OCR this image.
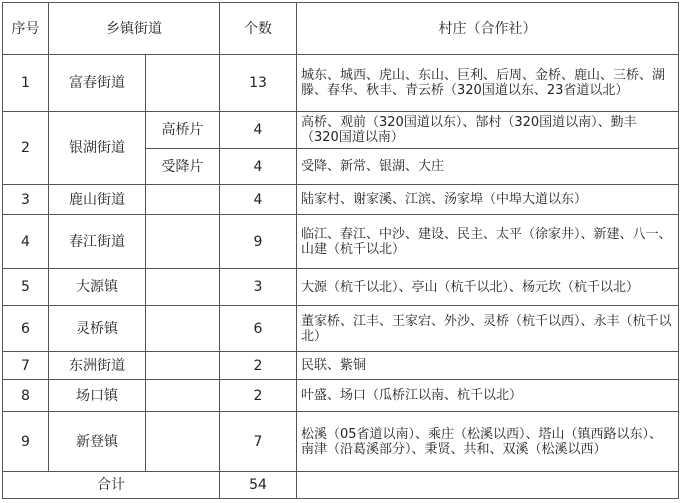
序号	乡镇街道		个数	村庄（合作社）
1	富春街道		13	城东、城西、虎山、东山、巨利、后周、金桥、鹿山、三桥、湖滕、春华、秋丰、青云桥（320国道以东、23省道以北）
2	银湖街道	高桥片	4	高桥、观前（320国道以东）、郜村（320国道以南）、勤丰（320国道以南）
		受降片	4	受降、新常、银湖、大庄
3	鹿山街道		4	陆家村、谢家溪、江滨、汤家埠（中埠大道以东）
4	春江街道		9	临江、春江、中沙、建设、民主、太平（徐家井）、新建、八一、山建（杭千以北）
5	大源镇		3	大源（杭千以北）、亭山（杭千以北）、杨元坎（杭千以北）
6	灵桥镇		6	董家桥、江丰、王家宕、外沙、灵桥（杭千以西）、永丰（杭千以北）
7	东洲街道		2	民联、紫铜
8	场口镇		2	叶盛、场口（瓜桥江以南、杭千以北）
9	新登镇		7	松溪（05省道以南）、乘庄（松溪以西）、塔山（镇西路以东）、南津（沿葛溪部分）、秉贤、共和、双溪（松溪以西）
合计			54	
